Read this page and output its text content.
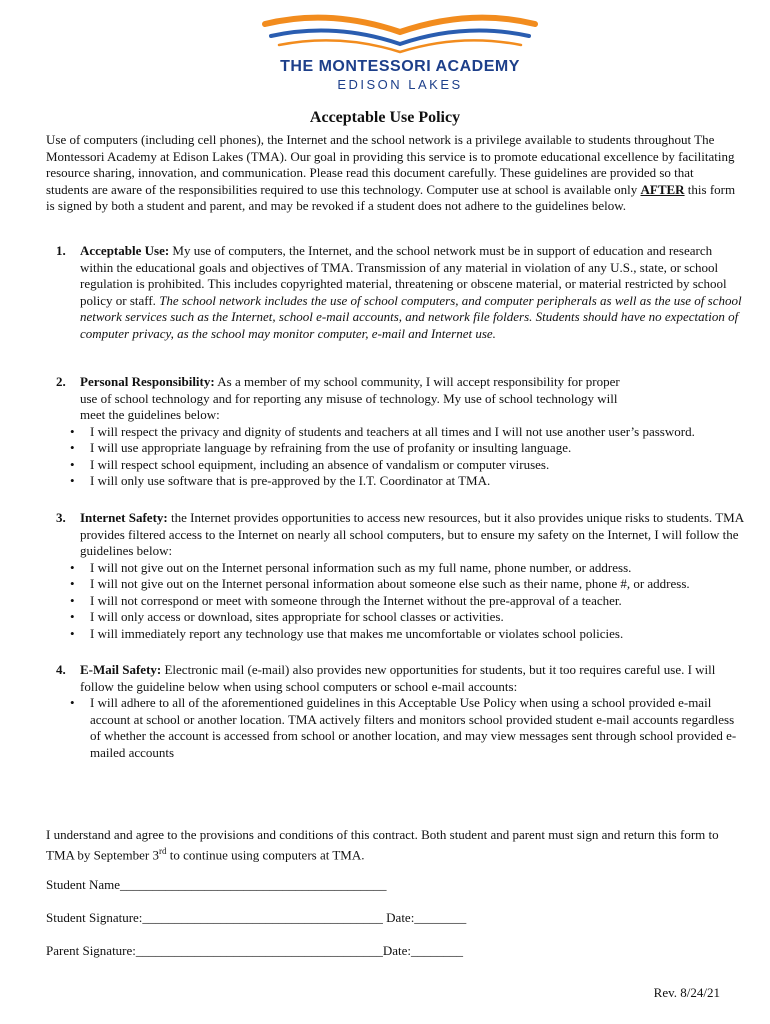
THE MONTESSORI ACADEMY
EDISON LAKES
Acceptable Use Policy
Use of computers (including cell phones), the Internet and the school network is a privilege available to students throughout The Montessori Academy at Edison Lakes (TMA). Our goal in providing this service is to promote educational excellence by facilitating resource sharing, innovation, and communication. Please read this document carefully. These guidelines are provided so that students are aware of the responsibilities required to use this technology. Computer use at school is available only AFTER this form is signed by both a student and parent, and may be revoked if a student does not adhere to the guidelines below.
1. Acceptable Use: My use of computers, the Internet, and the school network must be in support of education and research within the educational goals and objectives of TMA. Transmission of any material in violation of any U.S., state, or school regulation is prohibited. This includes copyrighted material, threatening or obscene material, or material restricted by school policy or staff. The school network includes the use of school computers, and computer peripherals as well as the use of school network services such as the Internet, school e-mail accounts, and network file folders. Students should have no expectation of computer privacy, as the school may monitor computer, e-mail and Internet use.
2. Personal Responsibility: As a member of my school community, I will accept responsibility for proper use of school technology and for reporting any misuse of technology. My use of school technology will meet the guidelines below:
• I will respect the privacy and dignity of students and teachers at all times and I will not use another user’s password.
• I will use appropriate language by refraining from the use of profanity or insulting language.
• I will respect school equipment, including an absence of vandalism or computer viruses.
• I will only use software that is pre-approved by the I.T. Coordinator at TMA.
3. Internet Safety: the Internet provides opportunities to access new resources, but it also provides unique risks to students. TMA provides filtered access to the Internet on nearly all school computers, but to ensure my safety on the Internet, I will follow the guidelines below:
• I will not give out on the Internet personal information such as my full name, phone number, or address.
• I will not give out on the Internet personal information about someone else such as their name, phone #, or address.
• I will not correspond or meet with someone through the Internet without the pre-approval of a teacher.
• I will only access or download, sites appropriate for school classes or activities.
• I will immediately report any technology use that makes me uncomfortable or violates school policies.
4. E-Mail Safety: Electronic mail (e-mail) also provides new opportunities for students, but it too requires careful use. I will follow the guideline below when using school computers or school e-mail accounts:
• I will adhere to all of the aforementioned guidelines in this Acceptable Use Policy when using a school provided e-mail account at school or another location. TMA actively filters and monitors school provided student e-mail accounts regardless of whether the account is accessed from school or another location, and may view messages sent through school provided e-mailed accounts
I understand and agree to the provisions and conditions of this contract. Both student and parent must sign and return this form to TMA by September 3rd to continue using computers at TMA.
Student Name_________________________________________
Student Signature:_____________________________________ Date:________
Parent Signature:______________________________________Date:________
Rev. 8/24/21
